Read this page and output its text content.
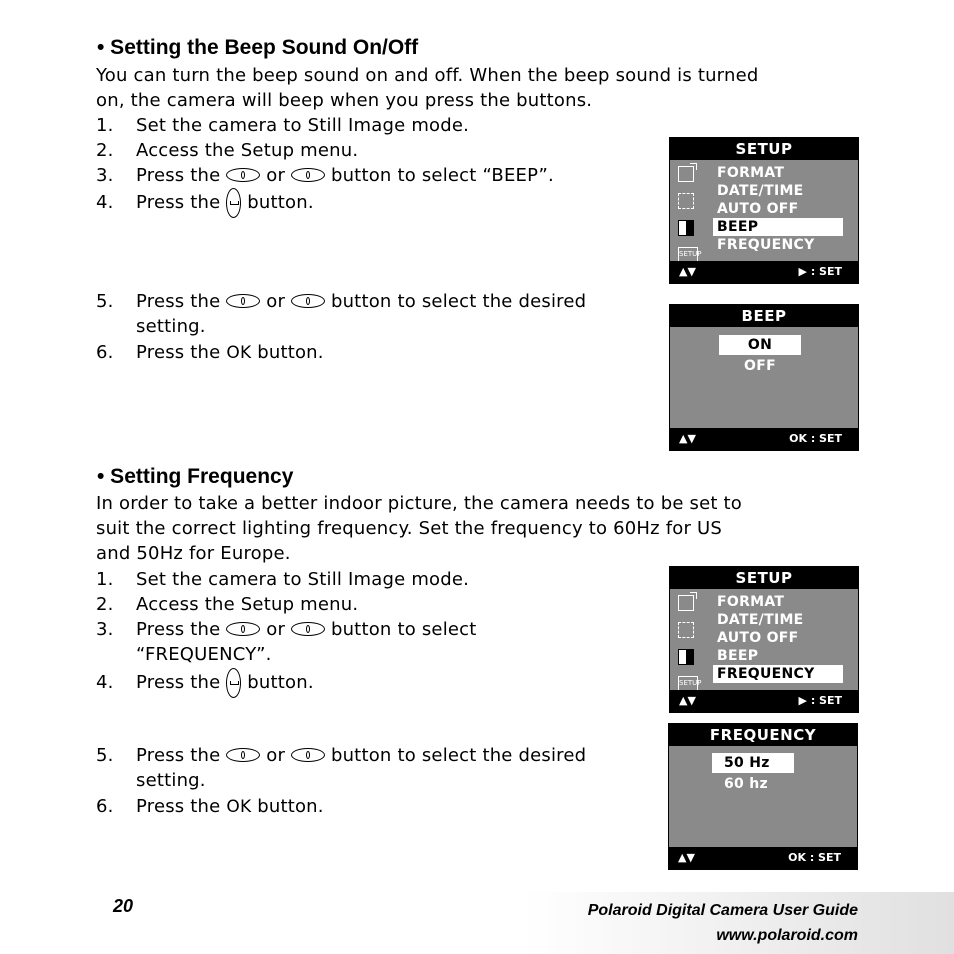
• Setting the Beep Sound On/Off
You can turn the beep sound on and off. When the beep sound is turned
on, the camera will beep when you press the buttons.
1. Set the camera to Still Image mode.
2. Access the Setup menu.
3. Press the	or	button to select “BEEP”.
4. Press the button.
5. Press the	or	button to select the desired
setting.
6. Press the OK button.
SETUP
SETUP
FORMAT
DATE/TIME
AUTO OFF
BEEP
FREQUENCY
▲▼	▶ : SET
BEEP
ON
OFF
▲▼	OK : SET
• Setting Frequency
In order to take a better indoor picture, the camera needs to be set to
suit the correct lighting frequency. Set the frequency to 60Hz for US
and 50Hz for Europe.
1. Set the camera to Still Image mode.
2. Access the Setup menu.
3. Press the	or	button to select
“FREQUENCY”.
4. Press the button.
5. Press the	or	button to select the desired
setting.
6. Press the OK button.
SETUP
SETUP
FORMAT
DATE/TIME
AUTO OFF
BEEP
FREQUENCY
▲▼	▶ : SET
FREQUENCY
50 Hz
60 hz
▲▼	OK : SET
20	Polaroid Digital Camera User Guide
www.polaroid.com
